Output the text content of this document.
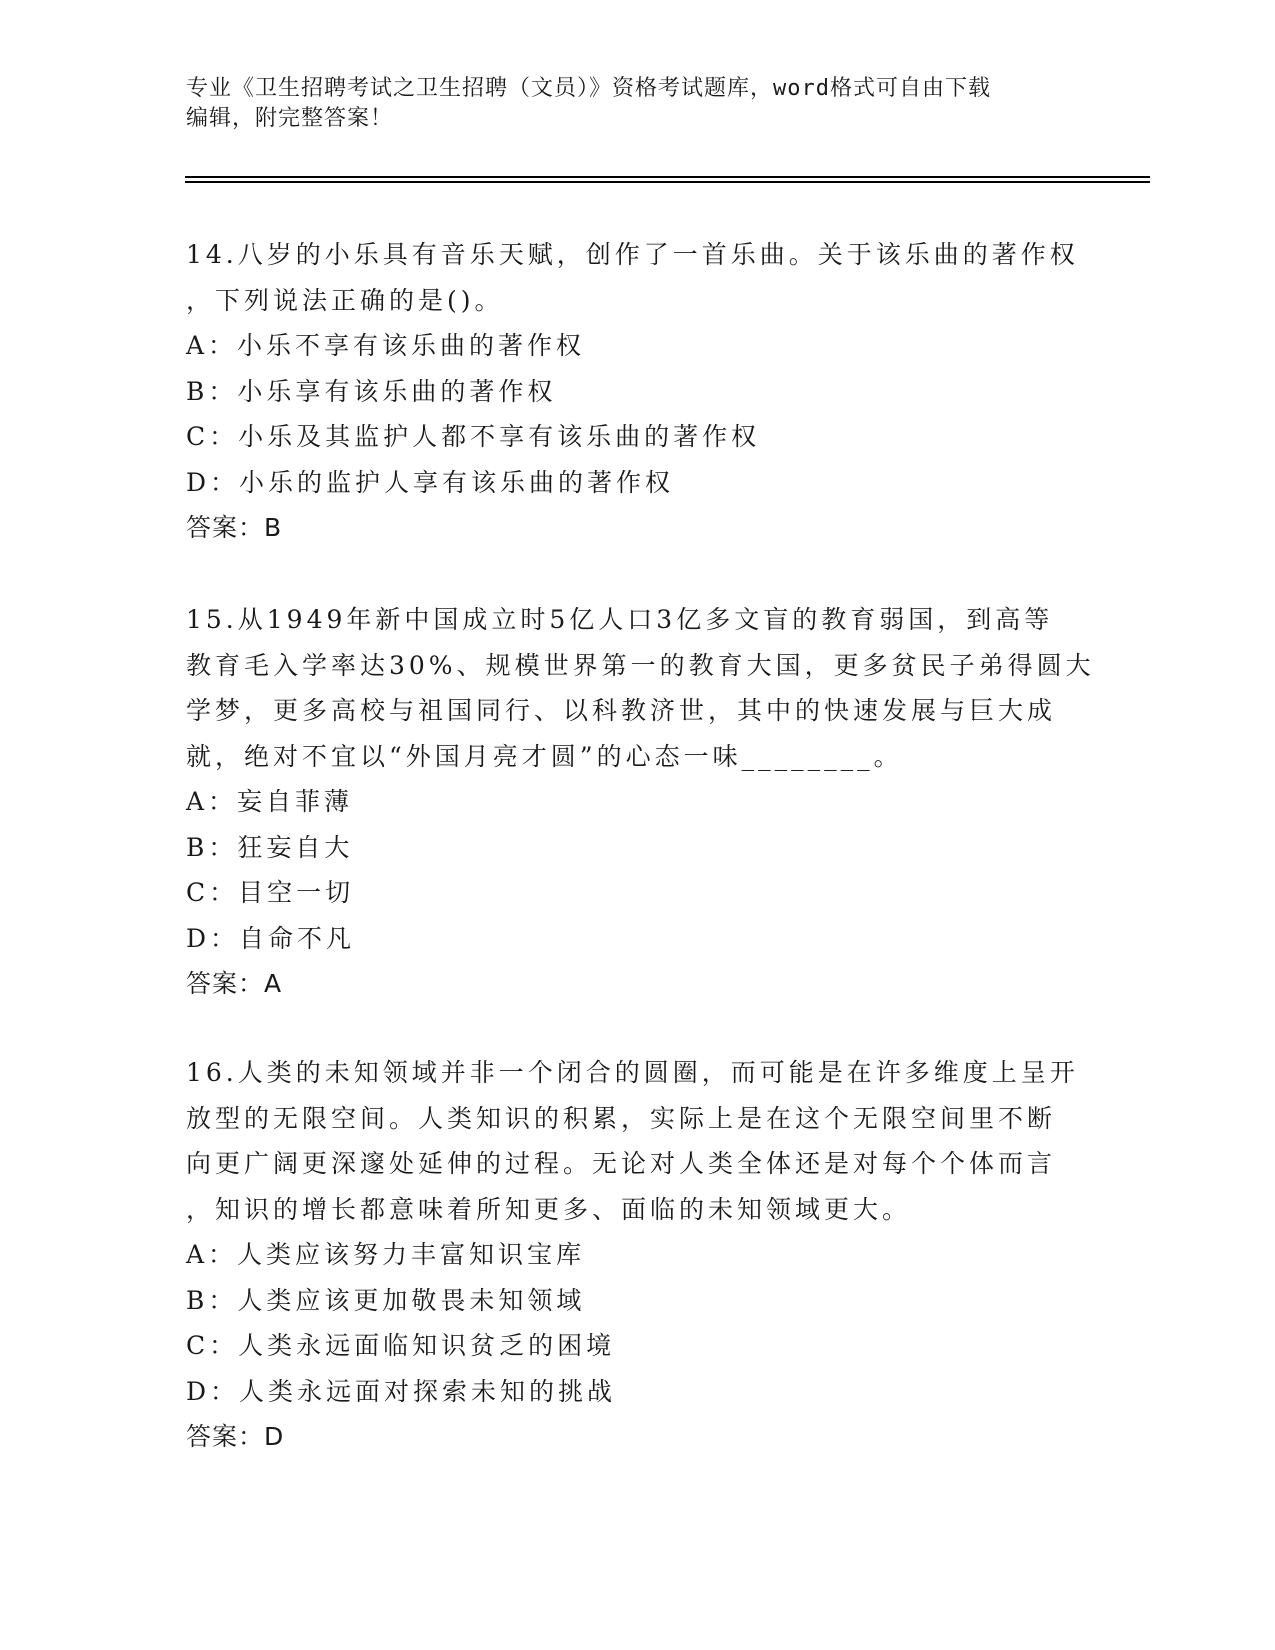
专业《卫生招聘考试之卫生招聘（文员）》资格考试题库，word格式可自由下载
编辑，附完整答案！
14.八岁的小乐具有音乐天赋，创作了一首乐曲。关于该乐曲的著作权
，下列说法正确的是()。
A：小乐不享有该乐曲的著作权
B：小乐享有该乐曲的著作权
C：小乐及其监护人都不享有该乐曲的著作权
D：小乐的监护人享有该乐曲的著作权
答案：B
15.从1949年新中国成立时5亿人口3亿多文盲的教育弱国，到高等
教育毛入学率达30%、规模世界第一的教育大国，更多贫民子弟得圆大
学梦，更多高校与祖国同行、以科教济世，其中的快速发展与巨大成
就，绝对不宜以“外国月亮才圆”的心态一味________。
A：妄自菲薄
B：狂妄自大
C：目空一切
D：自命不凡
答案：A
16.人类的未知领域并非一个闭合的圆圈，而可能是在许多维度上呈开
放型的无限空间。人类知识的积累，实际上是在这个无限空间里不断
向更广阔更深邃处延伸的过程。无论对人类全体还是对每个个体而言
，知识的增长都意味着所知更多、面临的未知领域更大。
A：人类应该努力丰富知识宝库
B：人类应该更加敬畏未知领域
C：人类永远面临知识贫乏的困境
D：人类永远面对探索未知的挑战
答案：D
